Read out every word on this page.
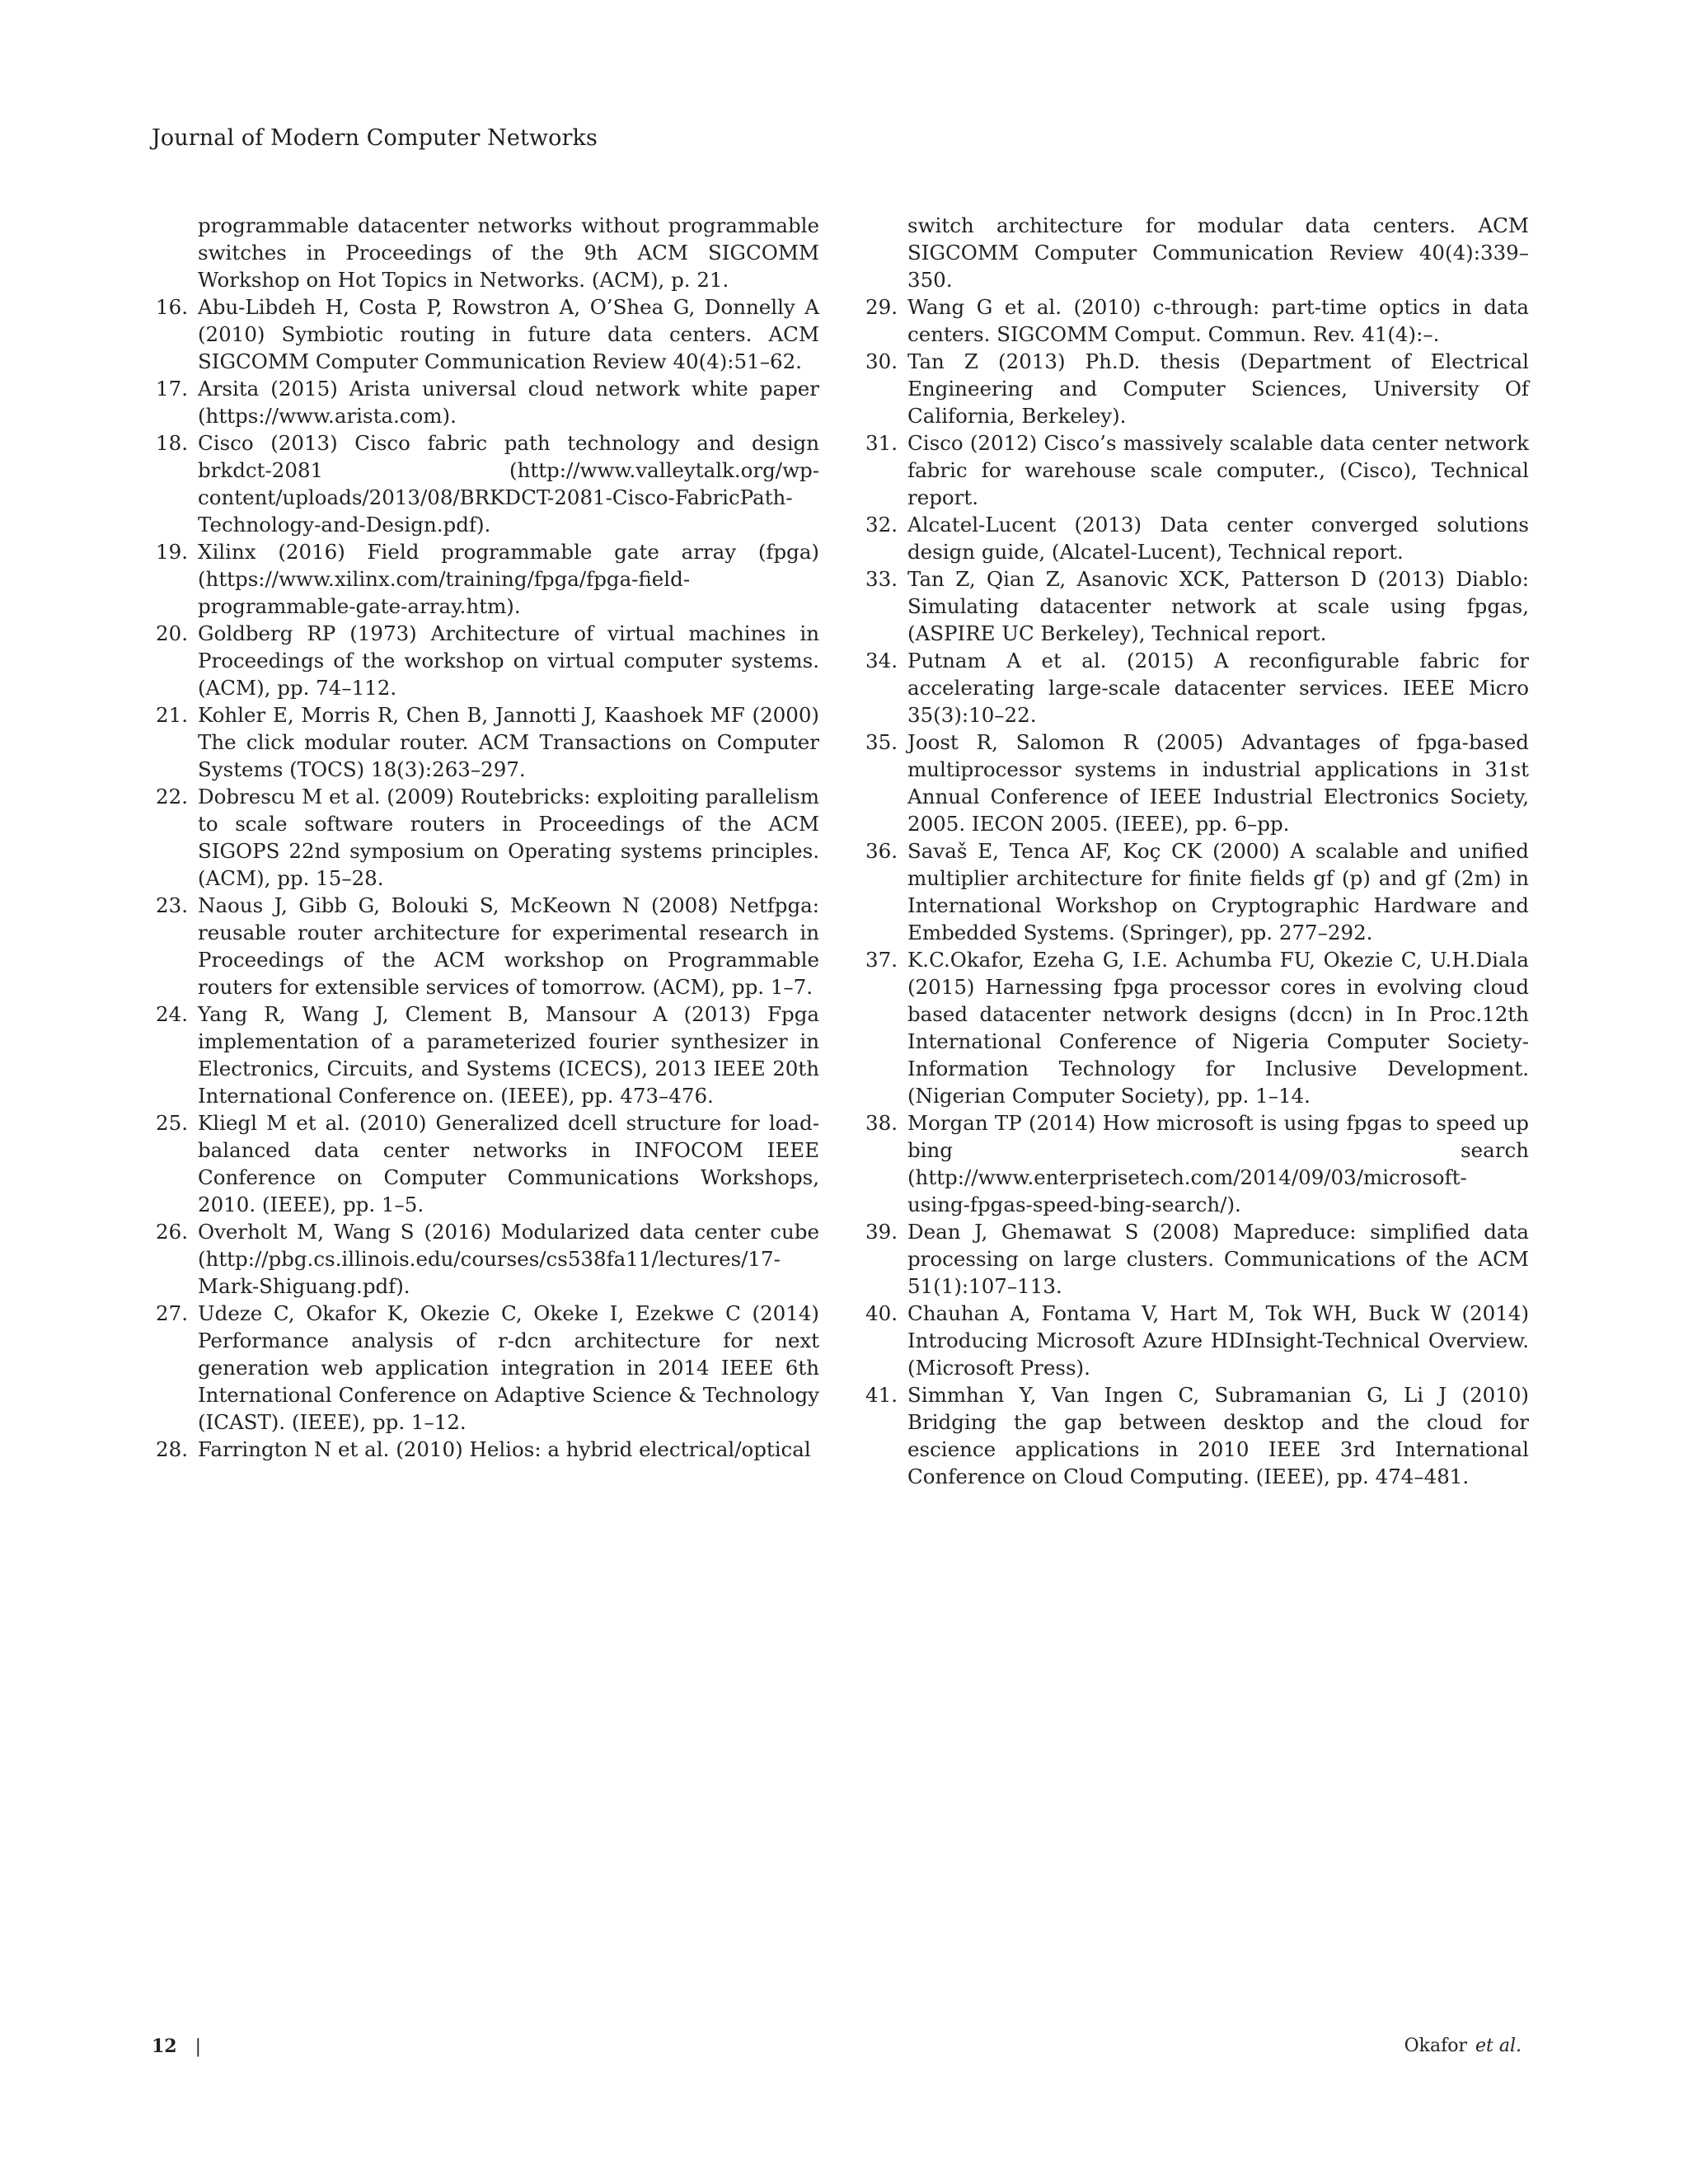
Journal of Modern Computer Networks
programmable datacenter networks without programmable switches in Proceedings of the 9th ACM SIGCOMM Workshop on Hot Topics in Networks. (ACM), p. 21.
16. Abu-Libdeh H, Costa P, Rowstron A, O’Shea G, Donnelly A (2010) Symbiotic routing in future data centers. ACM SIGCOMM Computer Communication Review 40(4):51–62.
17. Arsita (2015) Arista universal cloud network white paper (https://www.arista.com).
18. Cisco (2013) Cisco fabric path technology and design brkdct-2081 (http://www.valleytalk.org/wp-content/uploads/2013/08/BRKDCT-2081-Cisco-FabricPath-Technology-and-Design.pdf).
19. Xilinx (2016) Field programmable gate array (fpga) (https://www.xilinx.com/training/fpga/fpga-field-programmable-gate-array.htm).
20. Goldberg RP (1973) Architecture of virtual machines in Proceedings of the workshop on virtual computer systems. (ACM), pp. 74–112.
21. Kohler E, Morris R, Chen B, Jannotti J, Kaashoek MF (2000) The click modular router. ACM Transactions on Computer Systems (TOCS) 18(3):263–297.
22. Dobrescu M et al. (2009) Routebricks: exploiting parallelism to scale software routers in Proceedings of the ACM SIGOPS 22nd symposium on Operating systems principles. (ACM), pp. 15–28.
23. Naous J, Gibb G, Bolouki S, McKeown N (2008) Netfpga: reusable router architecture for experimental research in Proceedings of the ACM workshop on Programmable routers for extensible services of tomorrow. (ACM), pp. 1–7.
24. Yang R, Wang J, Clement B, Mansour A (2013) Fpga implementation of a parameterized fourier synthesizer in Electronics, Circuits, and Systems (ICECS), 2013 IEEE 20th International Conference on. (IEEE), pp. 473–476.
25. Kliegl M et al. (2010) Generalized dcell structure for load-balanced data center networks in INFOCOM IEEE Conference on Computer Communications Workshops, 2010. (IEEE), pp. 1–5.
26. Overholt M, Wang S (2016) Modularized data center cube (http://pbg.cs.illinois.edu/courses/cs538fa11/lectures/17-Mark-Shiguang.pdf).
27. Udeze C, Okafor K, Okezie C, Okeke I, Ezekwe C (2014) Performance analysis of r-dcn architecture for next generation web application integration in 2014 IEEE 6th International Conference on Adaptive Science & Technology (ICAST). (IEEE), pp. 1–12.
28. Farrington N et al. (2010) Helios: a hybrid electrical/optical
switch architecture for modular data centers. ACM SIGCOMM Computer Communication Review 40(4):339–350.
29. Wang G et al. (2010) c-through: part-time optics in data centers. SIGCOMM Comput. Commun. Rev. 41(4):–.
30. Tan Z (2013) Ph.D. thesis (Department of Electrical Engineering and Computer Sciences, University Of California, Berkeley).
31. Cisco (2012) Cisco’s massively scalable data center network fabric for warehouse scale computer., (Cisco), Technical report.
32. Alcatel-Lucent (2013) Data center converged solutions design guide, (Alcatel-Lucent), Technical report.
33. Tan Z, Qian Z, Asanovic XCK, Patterson D (2013) Diablo: Simulating datacenter network at scale using fpgas, (ASPIRE UC Berkeley), Technical report.
34. Putnam A et al. (2015) A reconfigurable fabric for accelerating large-scale datacenter services. IEEE Micro 35(3):10–22.
35. Joost R, Salomon R (2005) Advantages of fpga-based multiprocessor systems in industrial applications in 31st Annual Conference of IEEE Industrial Electronics Society, 2005. IECON 2005. (IEEE), pp. 6–pp.
36. Savaš E, Tenca AF, Koç CK (2000) A scalable and unified multiplier architecture for finite fields gf (p) and gf (2m) in International Workshop on Cryptographic Hardware and Embedded Systems. (Springer), pp. 277–292.
37. K.C.Okafor, Ezeha G, I.E. Achumba FU, Okezie C, U.H.Diala (2015) Harnessing fpga processor cores in evolving cloud based datacenter network designs (dccn) in In Proc.12th International Conference of Nigeria Computer Society- Information Technology for Inclusive Development. (Nigerian Computer Society), pp. 1–14.
38. Morgan TP (2014) How microsoft is using fpgas to speed up bing search (http://www.enterprisetech.com/2014/09/03/microsoft-using-fpgas-speed-bing-search/).
39. Dean J, Ghemawat S (2008) Mapreduce: simplified data processing on large clusters. Communications of the ACM 51(1):107–113.
40. Chauhan A, Fontama V, Hart M, Tok WH, Buck W (2014) Introducing Microsoft Azure HDInsight-Technical Overview. (Microsoft Press).
41. Simmhan Y, Van Ingen C, Subramanian G, Li J (2010) Bridging the gap between desktop and the cloud for escience applications in 2010 IEEE 3rd International Conference on Cloud Computing. (IEEE), pp. 474–481.
12 |	Okafor et al.
